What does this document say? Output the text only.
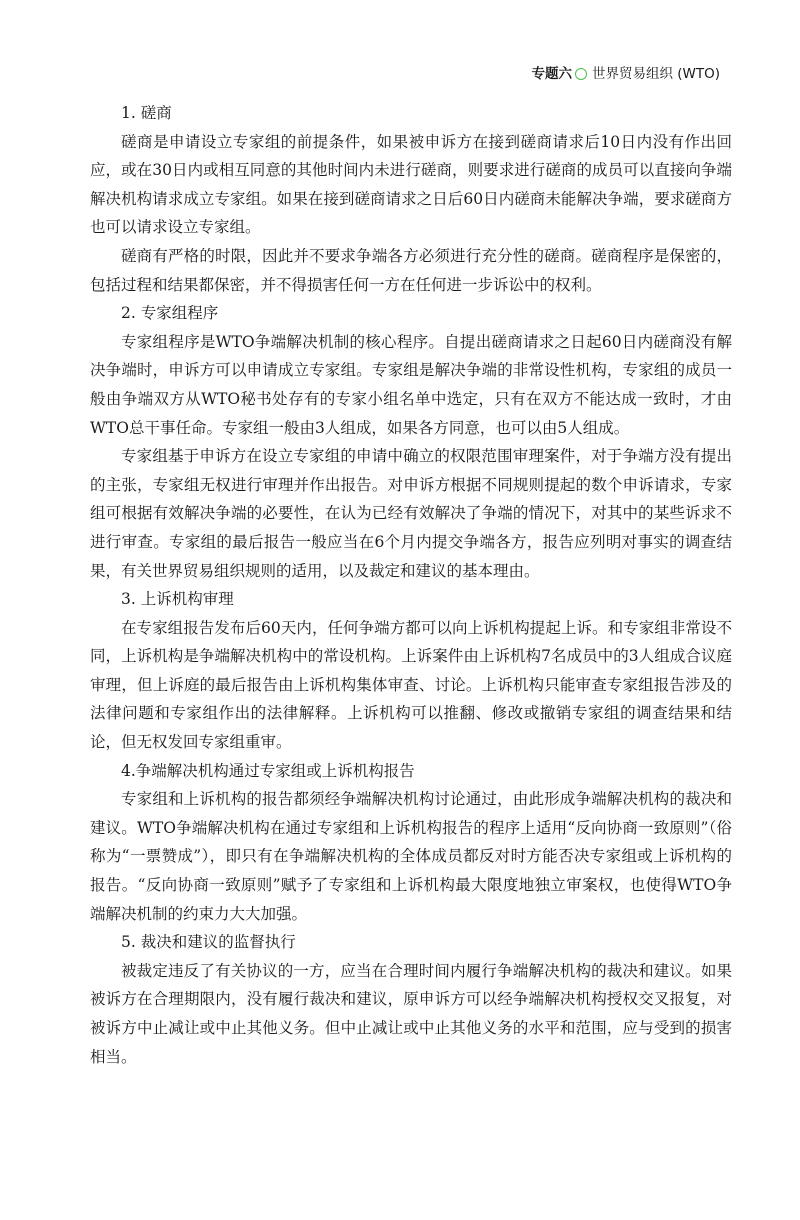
专题六 世界贸易组织 (WTO)
1. 磋商

磋商是申请设立专家组的前提条件，如果被申诉方在接到磋商请求后10日内没有作出回应，或在30日内或相互同意的其他时间内未进行磋商，则要求进行磋商的成员可以直接向争端解决机构请求成立专家组。如果在接到磋商请求之日后60日内磋商未能解决争端，要求磋商方也可以请求设立专家组。

磋商有严格的时限，因此并不要求争端各方必须进行充分性的磋商。磋商程序是保密的，包括过程和结果都保密，并不得损害任何一方在任何进一步诉讼中的权利。

2. 专家组程序

专家组程序是WTO争端解决机制的核心程序。自提出磋商请求之日起60日内磋商没有解决争端时，申诉方可以申请成立专家组。专家组是解决争端的非常设性机构，专家组的成员一般由争端双方从WTO秘书处存有的专家小组名单中选定，只有在双方不能达成一致时，才由WTO总干事任命。专家组一般由3人组成，如果各方同意，也可以由5人组成。

专家组基于申诉方在设立专家组的申请中确立的权限范围审理案件，对于争端方没有提出的主张，专家组无权进行审理并作出报告。对申诉方根据不同规则提起的数个申诉请求，专家组可根据有效解决争端的必要性，在认为已经有效解决了争端的情况下，对其中的某些诉求不进行审查。专家组的最后报告一般应当在6个月内提交争端各方，报告应列明对事实的调查结果，有关世界贸易组织规则的适用，以及裁定和建议的基本理由。

3. 上诉机构审理

在专家组报告发布后60天内，任何争端方都可以向上诉机构提起上诉。和专家组非常设不同，上诉机构是争端解决机构中的常设机构。上诉案件由上诉机构7名成员中的3人组成合议庭审理，但上诉庭的最后报告由上诉机构集体审查、讨论。上诉机构只能审查专家组报告涉及的法律问题和专家组作出的法律解释。上诉机构可以推翻、修改或撤销专家组的调查结果和结论，但无权发回专家组重审。

4.争端解决机构通过专家组或上诉机构报告

专家组和上诉机构的报告都须经争端解决机构讨论通过，由此形成争端解决机构的裁决和建议。WTO争端解决机构在通过专家组和上诉机构报告的程序上适用“反向协商一致原则”（俗称为“一票赞成”），即只有在争端解决机构的全体成员都反对时方能否决专家组或上诉机构的报告。“反向协商一致原则”赋予了专家组和上诉机构最大限度地独立审案权，也使得WTO争端解决机制的约束力大大加强。

5. 裁决和建议的监督执行

被裁定违反了有关协议的一方，应当在合理时间内履行争端解决机构的裁决和建议。如果被诉方在合理期限内，没有履行裁决和建议，原申诉方可以经争端解决机构授权交叉报复，对被诉方中止减让或中止其他义务。但中止减让或中止其他义务的水平和范围，应与受到的损害相当。
